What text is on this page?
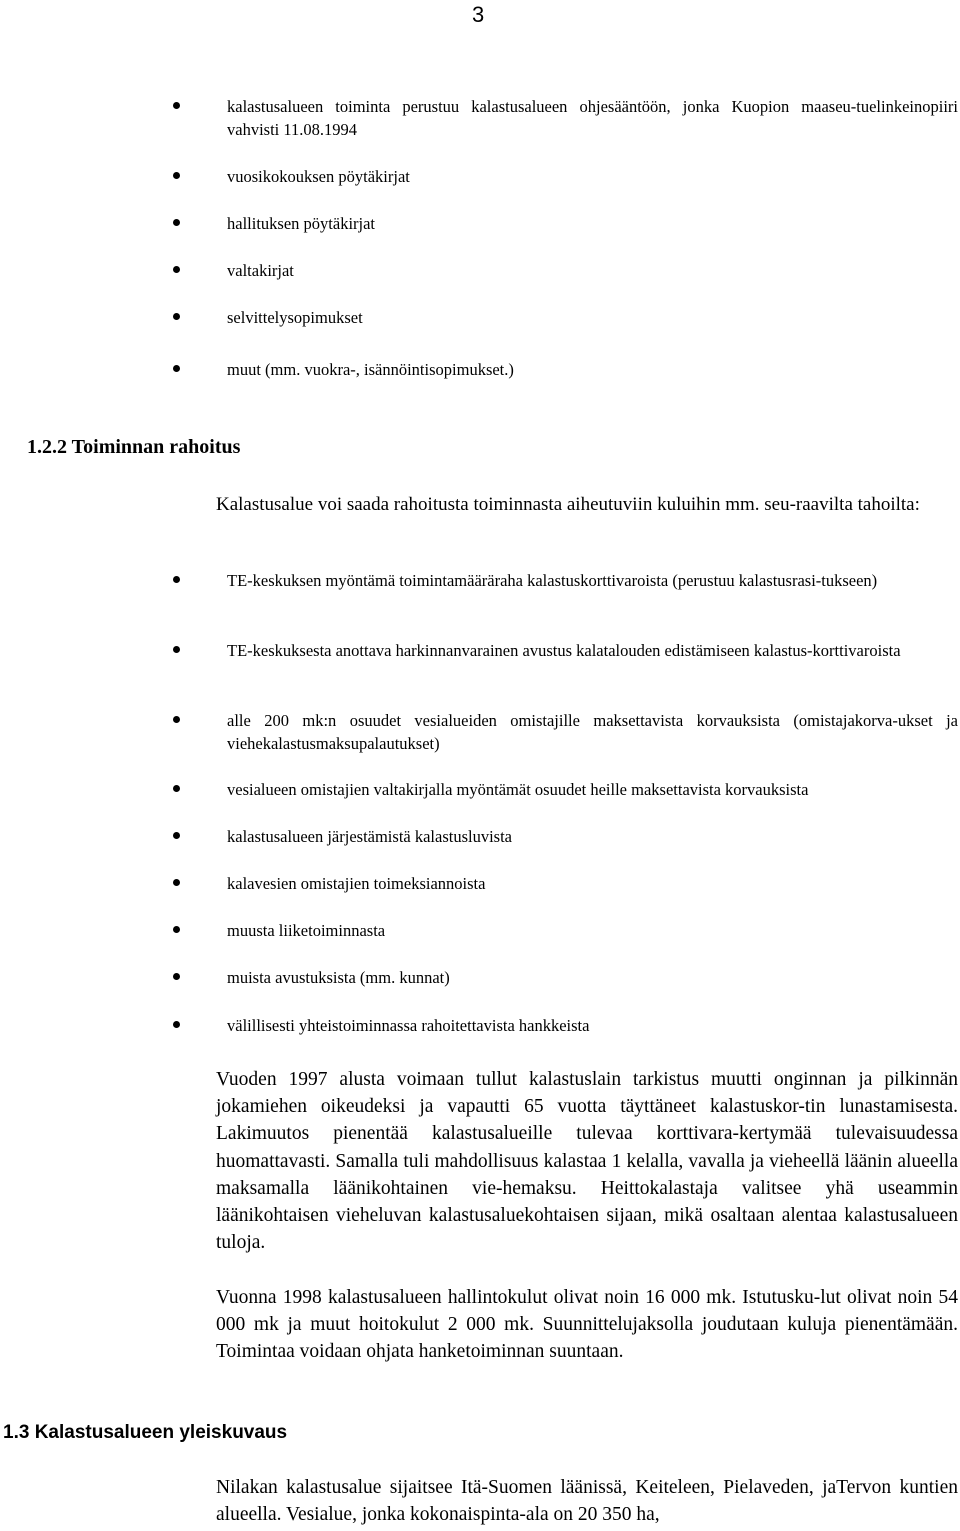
3
kalastusalueen toiminta perustuu kalastusalueen ohjesääntöön, jonka Kuopion maaseu-tuelinkeinopiiri vahvisti 11.08.1994
vuosikokouksen pöytäkirjat
hallituksen pöytäkirjat
valtakirjat
selvittelysopimukset
muut (mm. vuokra-, isännöintisopimukset.)
1.2.2 Toiminnan rahoitus
Kalastusalue voi saada rahoitusta toiminnasta aiheutuviin kuluihin mm. seu-raavilta tahoilta:
TE-keskuksen myöntämä toimintamääräraha kalastuskorttivaroista (perustuu kalastusrasi-tukseen)
TE-keskuksesta anottava harkinnanvarainen avustus kalatalouden edistämiseen kalastus-korttivaroista
alle 200 mk:n osuudet vesialueiden omistajille maksettavista korvauksista (omistajakorva-ukset ja viehekalastusmaksupalautukset)
vesialueen omistajien valtakirjalla myöntämät osuudet heille maksettavista korvauksista
kalastusalueen järjestämistä kalastusluvista
kalavesien omistajien toimeksiannoista
muusta liiketoiminnasta
muista avustuksista (mm. kunnat)
välillisesti yhteistoiminnassa rahoitettavista hankkeista
Vuoden 1997 alusta voimaan tullut kalastuslain tarkistus muutti onginnan ja pilkinnän jokamiehen oikeudeksi ja vapautti 65 vuotta täyttäneet kalastuskor-tin lunastamisesta. Lakimuutos pienentää kalastusalueille tulevaa korttivara-kertymää tulevaisuudessa huomattavasti. Samalla tuli mahdollisuus kalastaa 1 kelalla, vavalla ja vieheellä läänin alueella maksamalla läänikohtainen vie-hemaksu. Heittokalastaja valitsee yhä useammin läänikohtaisen vieheluvan kalastusaluekohtaisen sijaan, mikä osaltaan alentaa kalastusalueen tuloja.
Vuonna 1998 kalastusalueen hallintokulut olivat noin 16 000 mk. Istutusku-lut olivat noin 54 000 mk ja muut hoitokulut 2 000 mk. Suunnittelujaksolla joudutaan kuluja pienentämään. Toimintaa voidaan ohjata hanketoiminnan suuntaan.
1.3 Kalastusalueen yleiskuvaus
Nilakan kalastusalue sijaitsee Itä-Suomen läänissä, Keiteleen, Pielaveden, jaTervon kuntien alueella. Vesialue, jonka kokonaispinta-ala on 20 350 ha,
